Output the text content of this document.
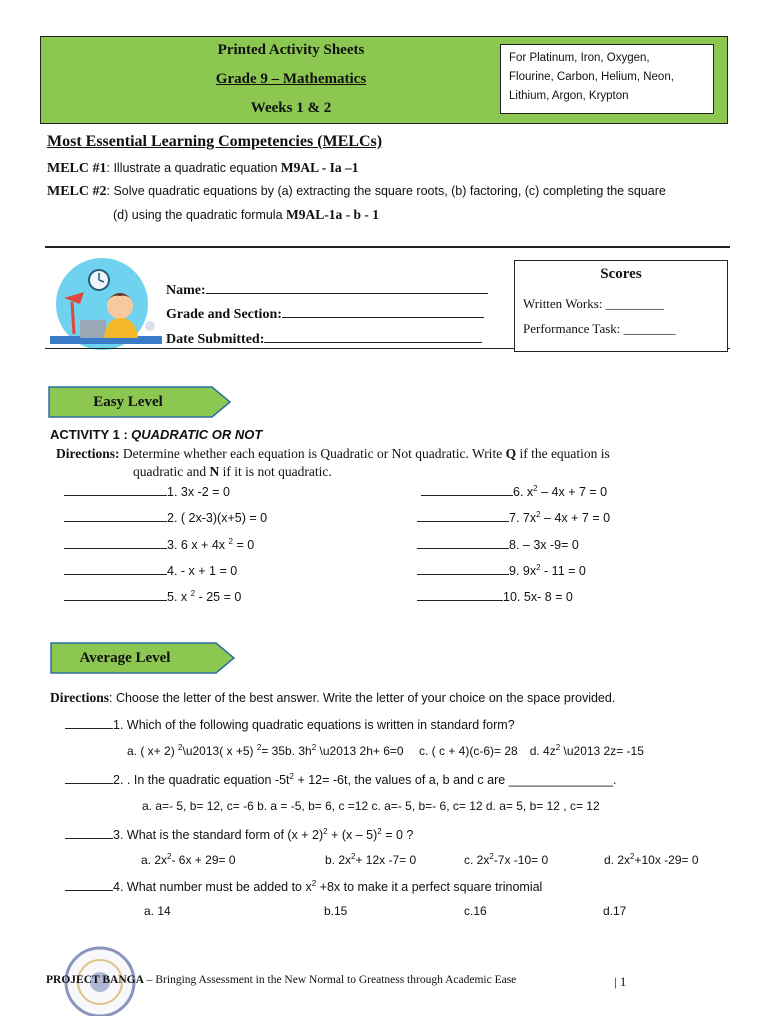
Printed Activity Sheets
Grade 9 – Mathematics
Weeks 1 & 2
For Platinum, Iron, Oxygen,
Flourine, Carbon, Helium, Neon,
Lithium, Argon, Krypton
Most Essential Learning Competencies (MELCs)
MELC #1: Illustrate a quadratic equation M9AL - Ia –1
MELC #2: Solve quadratic equations by (a) extracting the square roots, (b) factoring, (c) completing the square
(d) using the quadratic formula M9AL-1a - b - 1
Name:
Grade and Section:
Date Submitted:
Scores
Written Works: _________
Performance Task: ________
Easy Level
ACTIVITY 1 : QUADRATIC OR NOT
Directions: Determine whether each equation is Quadratic or Not quadratic. Write Q if the equation is
quadratic and N if it is not quadratic.
1. 3x -2 = 0
2. ( 2x-3)(x+5) = 0
3. 6 x + 4x $^2$ = 0
4. - x + 1 = 0
5. x $^2$ - 25 = 0
6. $x^2 - 4x + 7 = 0$
7. $7x^2 - 4x + 7 = 0$
8. – 3x -9= 0
9. $9x^2 - 11 = 0$
10. 5x- 8 = 0
Average Level
Directions: Choose the letter of the best answer. Write the letter of your choice on the space provided.
1. Which of the following quadratic equations is written in standard form?
a. ( x+ 2) $^2$\u2013( x +5) $^2$= 35b. $3h^2$ \u2013 2h+ 6=0 c. ( c + 4)(c-6)= 28 d. $4z^2$ \u2013 2z= -15
2. . In the quadratic equation $-5t^2 + 12= -6t$, the values of a, b and c are _______________.
a. a=- 5, b= 12, c= -6 b. a = -5, b= 6, c =12 c. a=- 5, b=- 6, c= 12 d. a= 5, b= 12 , c= 12
3. What is the standard form of $(x + 2)^2 + (x - 5)^2 = 0$ ?
a. $2x^2-$ 6x + 29= 0	b. $2x^2+ 12x$ -7= 0	c. $2x^2-7x$ -10= 0	d. $2x^2+10x$ -29= 0
4. What number must be added to $x^2 +8x$ to make it a perfect square trinomial
a. 14	b.15	c.16	d.17
PROJECT BANGA – Bringing Assessment in the New Normal to Greatness through Academic Ease	| 1
